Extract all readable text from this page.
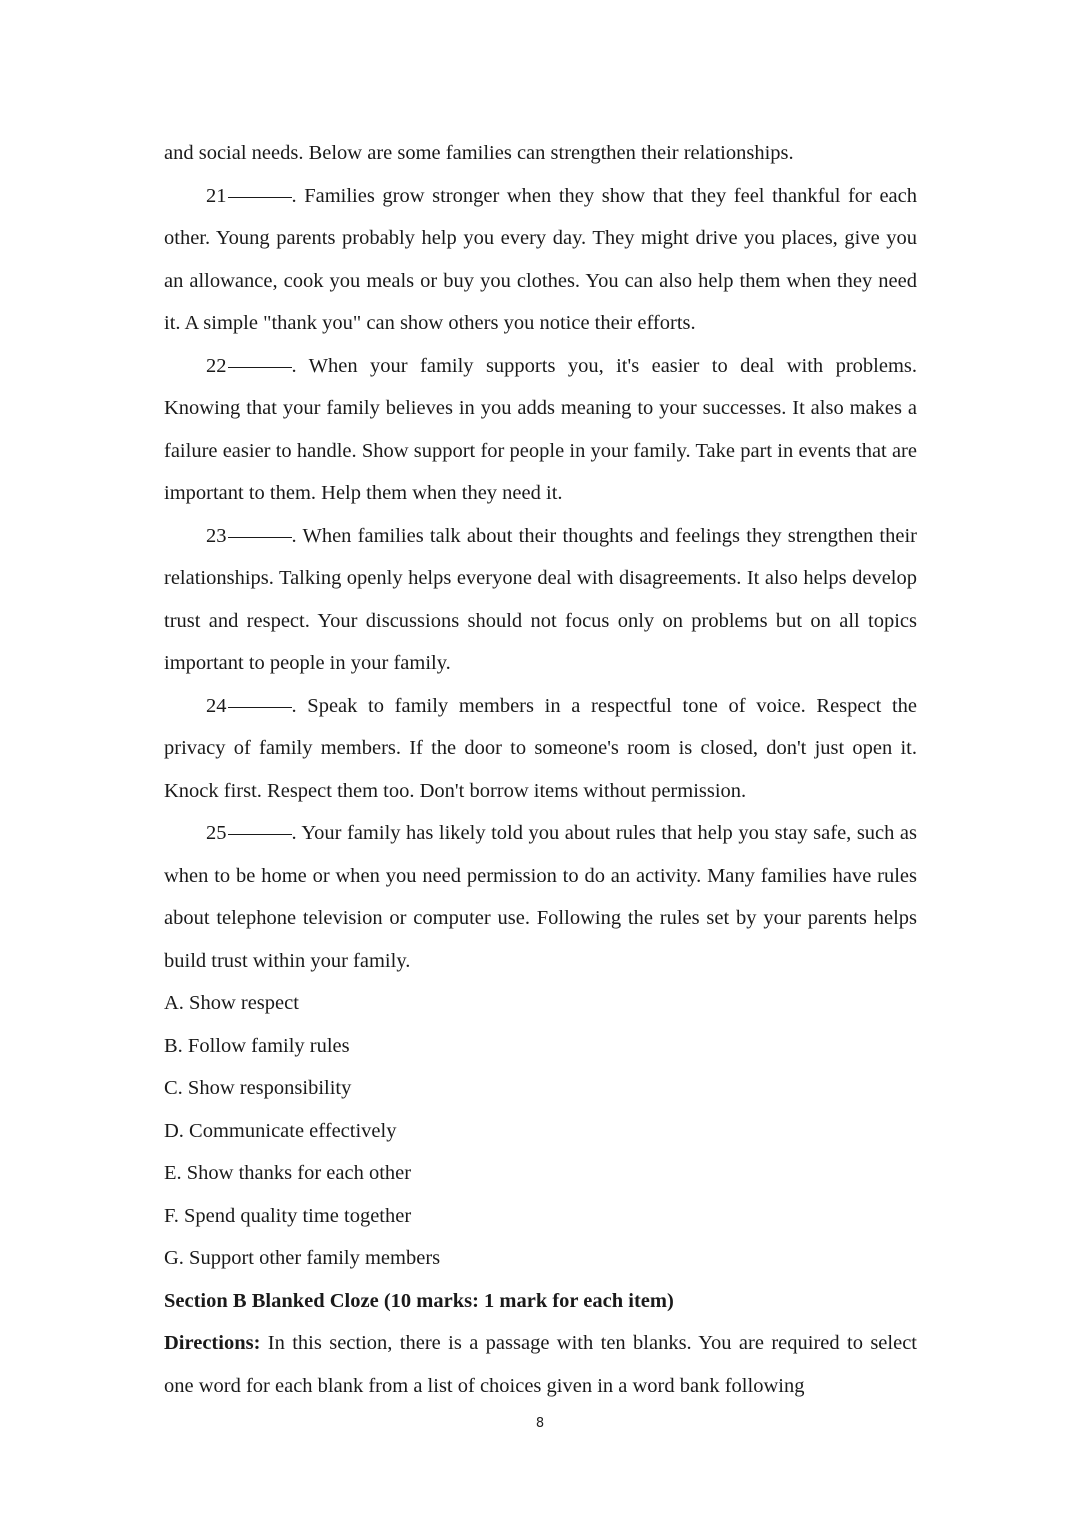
and social needs. Below are some families can strengthen their relationships.

21	. Families grow stronger when they show that they feel thankful for each other. Young parents probably help you every day. They might drive you places, give you an allowance, cook you meals or buy you clothes. You can also help them when they need it. A simple "thank you" can show others you notice their efforts.

22	. When your family supports you, it's easier to deal with problems. Knowing that your family believes in you adds meaning to your successes. It also makes a failure easier to handle. Show support for people in your family. Take part in events that are important to them. Help them when they need it.

23	. When families talk about their thoughts and feelings they strengthen their relationships. Talking openly helps everyone deal with disagreements. It also helps develop trust and respect. Your discussions should not focus only on problems but on all topics important to people in your family.

24	. Speak to family members in a respectful tone of voice. Respect the privacy of family members. If the door to someone's room is closed, don't just open it. Knock first. Respect them too. Don't borrow items without permission.

25	. Your family has likely told you about rules that help you stay safe, such as when to be home or when you need permission to do an activity. Many families have rules about telephone television or computer use. Following the rules set by your parents helps build trust within your family.

A. Show respect

B. Follow family rules

C. Show responsibility

D. Communicate effectively

E. Show thanks for each other

F. Spend quality time together

G. Support other family members

Section B Blanked Cloze (10 marks: 1 mark for each item)

Directions: In this section, there is a passage with ten blanks. You are required to select one word for each blank from a list of choices given in a word bank following

8
